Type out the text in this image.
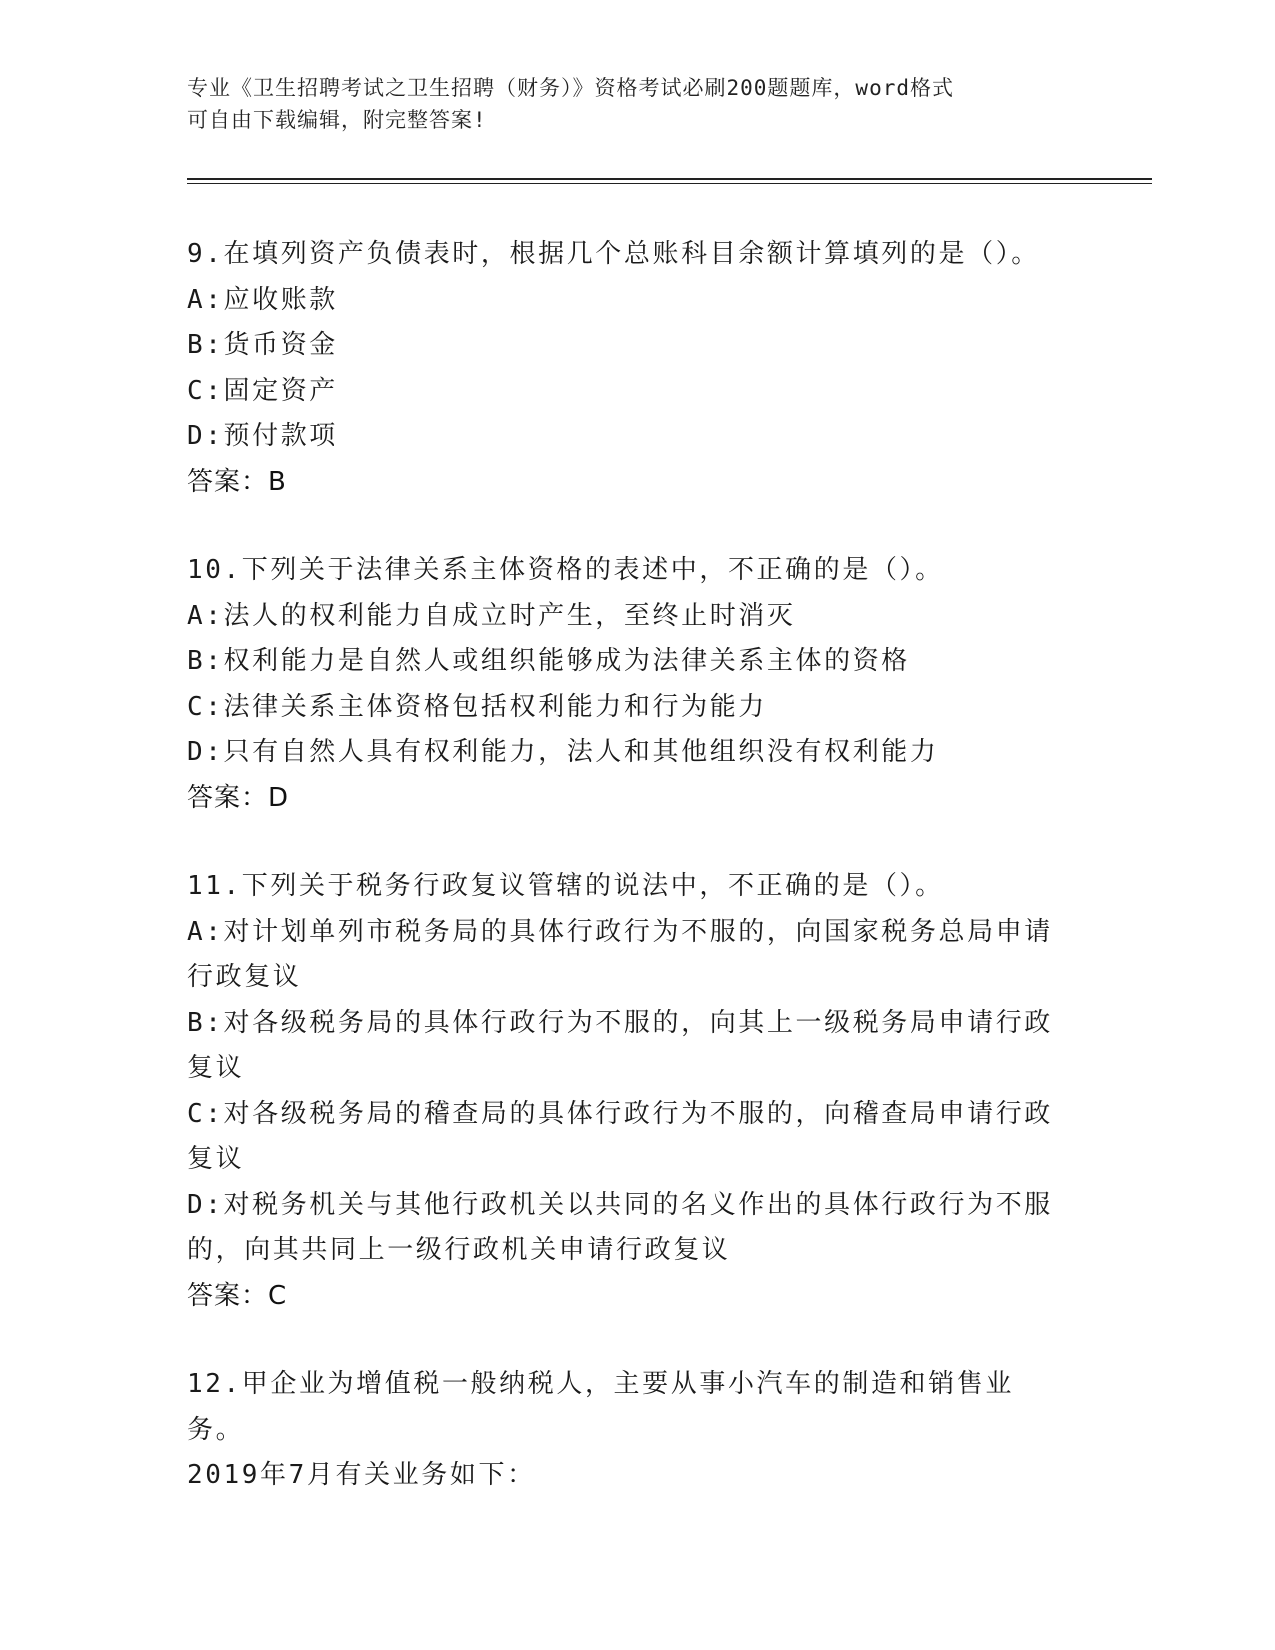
专业《卫生招聘考试之卫生招聘（财务）》资格考试必刷200题题库，word格式
可自由下载编辑，附完整答案!
9.在填列资产负债表时，根据几个总账科目余额计算填列的是（）。
A:应收账款
B:货币资金
C:固定资产
D:预付款项
答案：B
10.下列关于法律关系主体资格的表述中，不正确的是（）。
A:法人的权利能力自成立时产生，至终止时消灭
B:权利能力是自然人或组织能够成为法律关系主体的资格
C:法律关系主体资格包括权利能力和行为能力
D:只有自然人具有权利能力，法人和其他组织没有权利能力
答案：D
11.下列关于税务行政复议管辖的说法中，不正确的是（）。
A:对计划单列市税务局的具体行政行为不服的，向国家税务总局申请行政复议
B:对各级税务局的具体行政行为不服的，向其上一级税务局申请行政复议
C:对各级税务局的稽查局的具体行政行为不服的，向稽查局申请行政复议
D:对税务机关与其他行政机关以共同的名义作出的具体行政行为不服的，向其共同上一级行政机关申请行政复议
答案：C
12.甲企业为增值税一般纳税人，主要从事小汽车的制造和销售业务。
2019年7月有关业务如下：
